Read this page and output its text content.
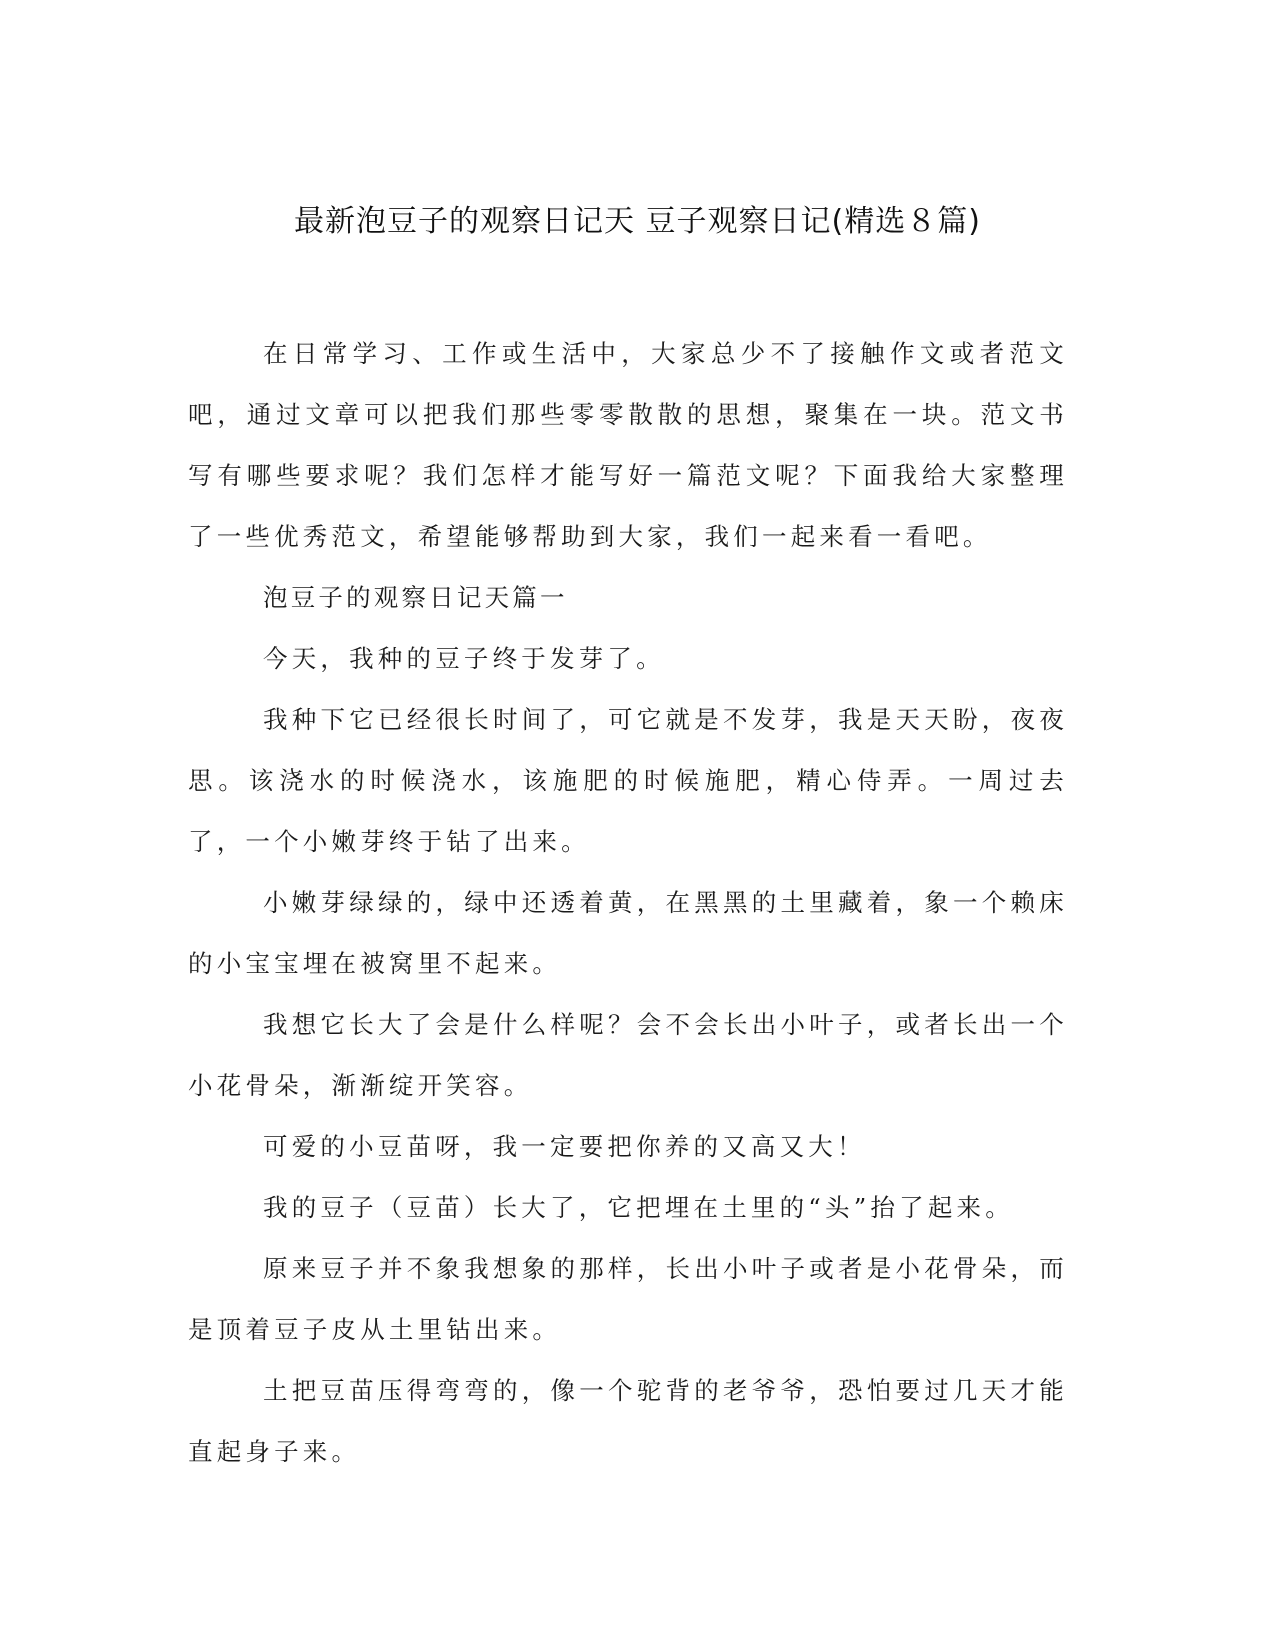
最新泡豆子的观察日记天 豆子观察日记(精选８篇)

在日常学习、工作或生活中，大家总少不了接触作文或者范文吧，通过文章可以把我们那些零零散散的思想，聚集在一块。范文书写有哪些要求呢？我们怎样才能写好一篇范文呢？下面我给大家整理了一些优秀范文，希望能够帮助到大家，我们一起来看一看吧。

泡豆子的观察日记天篇一

今天，我种的豆子终于发芽了。

我种下它已经很长时间了，可它就是不发芽，我是天天盼，夜夜思。该浇水的时候浇水，该施肥的时候施肥，精心侍弄。一周过去了，一个小嫩芽终于钻了出来。

小嫩芽绿绿的，绿中还透着黄，在黑黑的土里藏着，象一个赖床的小宝宝埋在被窝里不起来。

我想它长大了会是什么样呢？会不会长出小叶子，或者长出一个小花骨朵，渐渐绽开笑容。

可爱的小豆苗呀，我一定要把你养的又高又大！

我的豆子（豆苗）长大了，它把埋在土里的“头”抬了起来。

原来豆子并不象我想象的那样，长出小叶子或者是小花骨朵，而是顶着豆子皮从土里钻出来。

土把豆苗压得弯弯的，像一个驼背的老爷爷，恐怕要过几天才能直起身子来。
